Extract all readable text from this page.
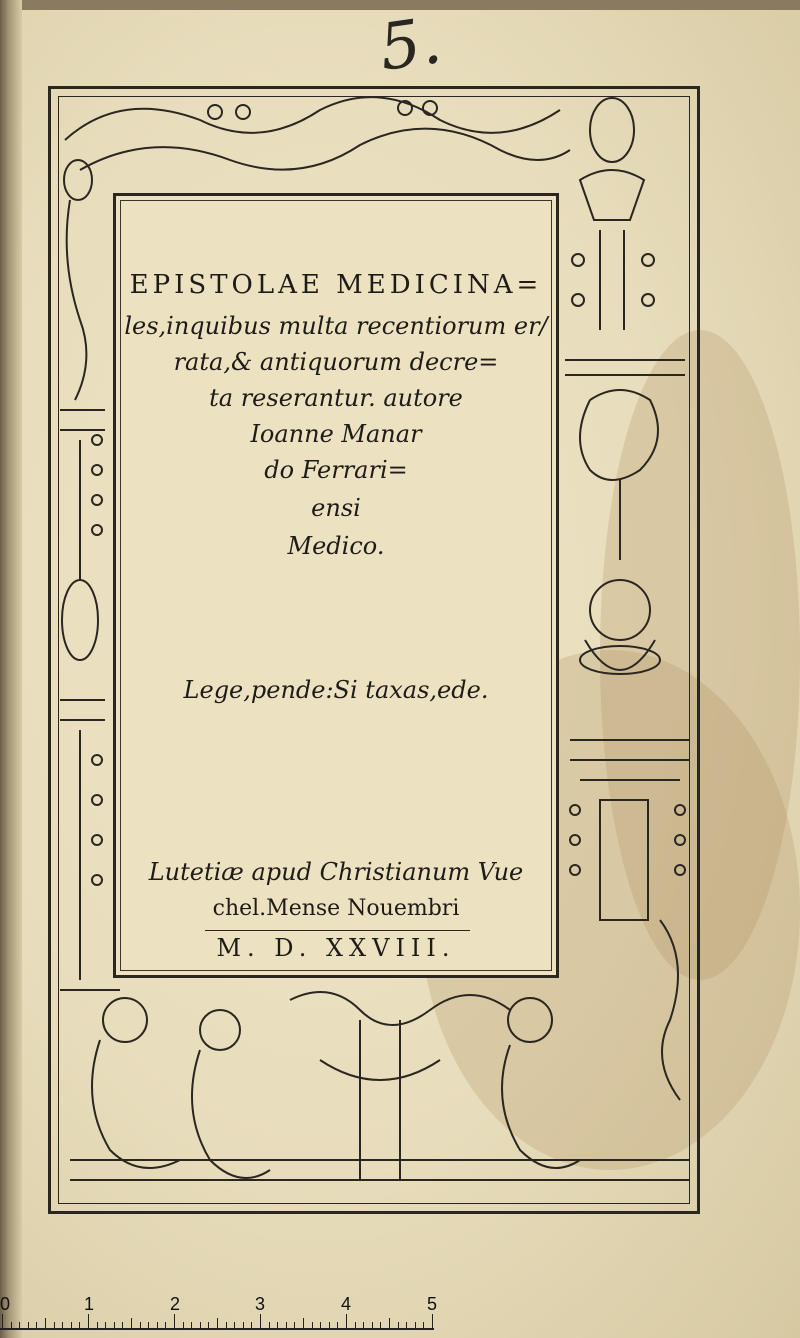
5.
EPISTOLAE MEDICINA=
les,inquibus multa recentiorum er/
rata,& antiquorum decre=
ta reserantur. autore
Ioanne Manar
do Ferrari=
ensi
Medico.
Lege,pende:Si taxas,ede.
Lutetiæ apud Christianum Vue
chel.Mense Nouembri
M. D. XXVIII.
0	1	2	3	4	5
